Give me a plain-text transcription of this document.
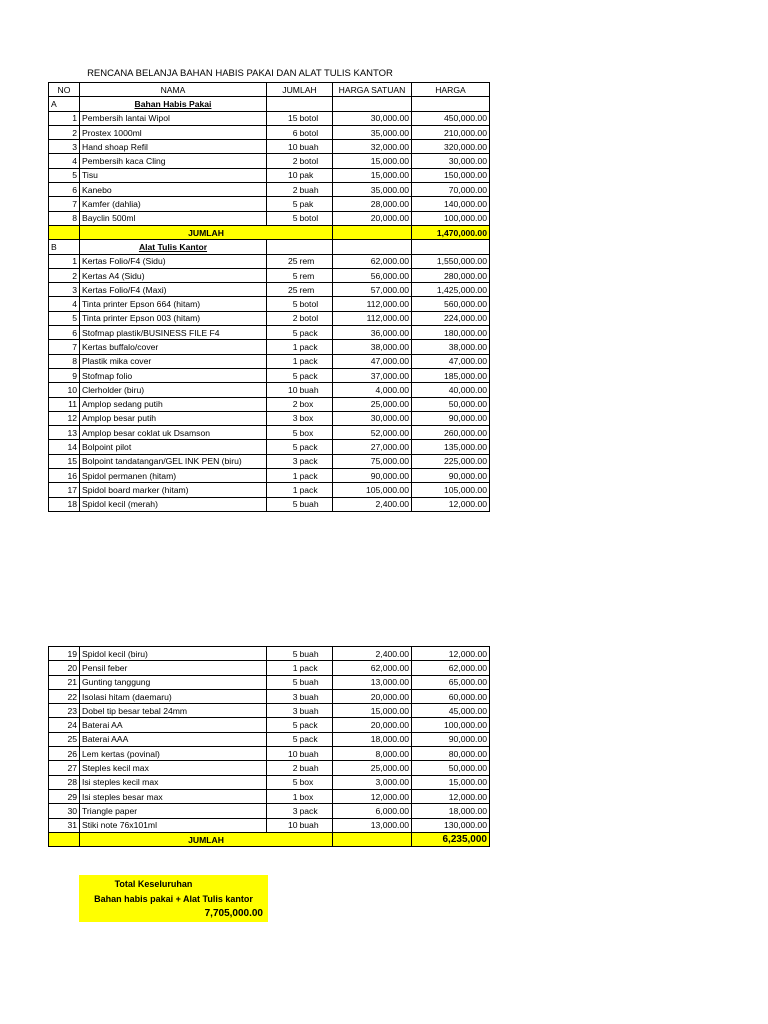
RENCANA BELANJA BAHAN HABIS PAKAI DAN ALAT TULIS KANTOR
NO	NAMA	JUMLAH		HARGA SATUAN	HARGA
A	Bahan Habis Pakai				
1	Pembersih lantai Wipol	15	botol	30,000.00	450,000.00
2	Prostex 1000ml	6	botol	35,000.00	210,000.00
3	Hand shoap Refil	10	buah	32,000.00	320,000.00
4	Pembersih kaca Cling	2	botol	15,000.00	30,000.00
5	Tisu	10	pak	15,000.00	150,000.00
6	Kanebo	2	buah	35,000.00	70,000.00
7	Kamfer (dahlia)	5	pak	28,000.00	140,000.00
8	Bayclin 500ml	5	botol	20,000.00	100,000.00
	JUMLAH				1,470,000.00
B	Alat Tulis Kantor				
1	Kertas Folio/F4 (Sidu)	25	rem	62,000.00	1,550,000.00
2	Kertas A4 (Sidu)	5	rem	56,000.00	280,000.00
3	Kertas Folio/F4 (Maxi)	25	rem	57,000.00	1,425,000.00
4	Tinta printer Epson 664 (hitam)	5	botol	112,000.00	560,000.00
5	Tinta printer Epson 003 (hitam)	2	botol	112,000.00	224,000.00
6	Stofmap plastik/BUSINESS FILE F4	5	pack	36,000.00	180,000.00
7	Kertas buffalo/cover	1	pack	38,000.00	38,000.00
8	Plastik mika cover	1	pack	47,000.00	47,000.00
9	Stofmap folio	5	pack	37,000.00	185,000.00
10	Clerholder (biru)	10	buah	4,000.00	40,000.00
11	Amplop sedang putih	2	box	25,000.00	50,000.00
12	Amplop besar putih	3	box	30,000.00	90,000.00
13	Amplop besar coklat uk Dsamson	5	box	52,000.00	260,000.00
14	Bolpoint pilot	5	pack	27,000.00	135,000.00
15	Bolpoint tandatangan/GEL INK PEN (biru)	3	pack	75,000.00	225,000.00
16	Spidol permanen (hitam)	1	pack	90,000.00	90,000.00
17	Spidol board marker (hitam)	1	pack	105,000.00	105,000.00
18	Spidol kecil (merah)	5	buah	2,400.00	12,000.00
19	Spidol kecil (biru)	5	buah	2,400.00	12,000.00
20	Pensil feber	1	pack	62,000.00	62,000.00
21	Gunting tanggung	5	buah	13,000.00	65,000.00
22	Isolasi hitam (daemaru)	3	buah	20,000.00	60,000.00
23	Dobel tip besar tebal 24mm	3	buah	15,000.00	45,000.00
24	Baterai AA	5	pack	20,000.00	100,000.00
25	Baterai AAA	5	pack	18,000.00	90,000.00
26	Lem kertas (povinal)	10	buah	8,000.00	80,000.00
27	Steples kecil max	2	buah	25,000.00	50,000.00
28	Isi steples kecil max	5	box	3,000.00	15,000.00
29	Isi steples besar max	1	box	12,000.00	12,000.00
30	Triangle paper	3	pack	6,000.00	18,000.00
31	Stiki note 76x101ml	10	buah	13,000.00	130,000.00
	JUMLAH				6,235,000
Total Keseluruhan
Bahan habis pakai + Alat Tulis kantor
7,705,000.00
